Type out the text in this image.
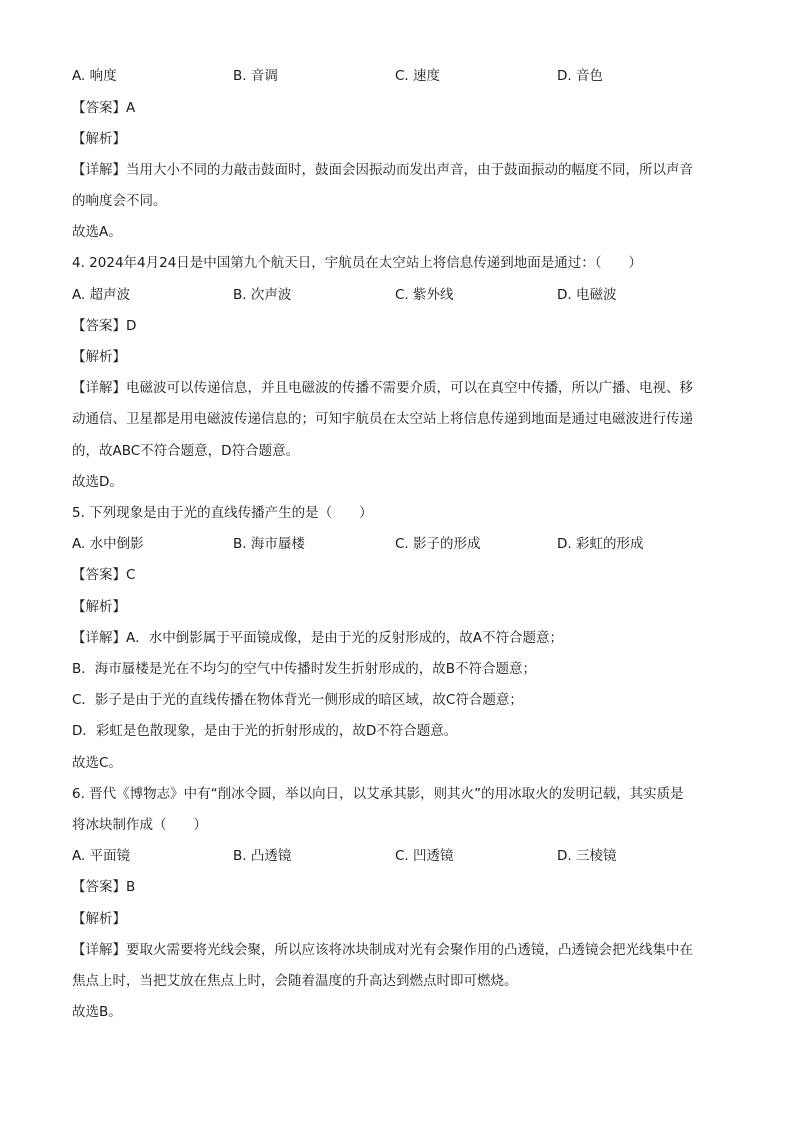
A. 响度	B. 音调	C. 速度	D. 音色
【答案】A
【解析】
【详解】当用大小不同的力敲击鼓面时，鼓面会因振动而发出声音，由于鼓面振动的幅度不同，所以声音
的响度会不同。
故选A。
4. 2024年4月24日是中国第九个航天日，宇航员在太空站上将信息传递到地面是通过：（　　）
A. 超声波	B. 次声波	C. 紫外线	D. 电磁波
【答案】D
【解析】
【详解】电磁波可以传递信息，并且电磁波的传播不需要介质，可以在真空中传播，所以广播、电视、移
动通信、卫星都是用电磁波传递信息的；可知宇航员在太空站上将信息传递到地面是通过电磁波进行传递
的，故ABC不符合题意，D符合题意。
故选D。
5. 下列现象是由于光的直线传播产生的是（　　）
A. 水中倒影	B. 海市蜃楼	C. 影子的形成	D. 彩虹的形成
【答案】C
【解析】
【详解】A．水中倒影属于平面镜成像，是由于光的反射形成的，故A不符合题意；
B．海市蜃楼是光在不均匀的空气中传播时发生折射形成的，故B不符合题意；
C．影子是由于光的直线传播在物体背光一侧形成的暗区域，故C符合题意；
D．彩虹是色散现象，是由于光的折射形成的，故D不符合题意。
故选C。
6. 晋代《博物志》中有“削冰令圆，举以向日，以艾承其影，则其火”的用冰取火的发明记载，其实质是
将冰块制作成（　　）
A. 平面镜	B. 凸透镜	C. 凹透镜	D. 三棱镜
【答案】B
【解析】
【详解】要取火需要将光线会聚，所以应该将冰块制成对光有会聚作用的凸透镜，凸透镜会把光线集中在
焦点上时，当把艾放在焦点上时，会随着温度的升高达到燃点时即可燃烧。
故选B。
